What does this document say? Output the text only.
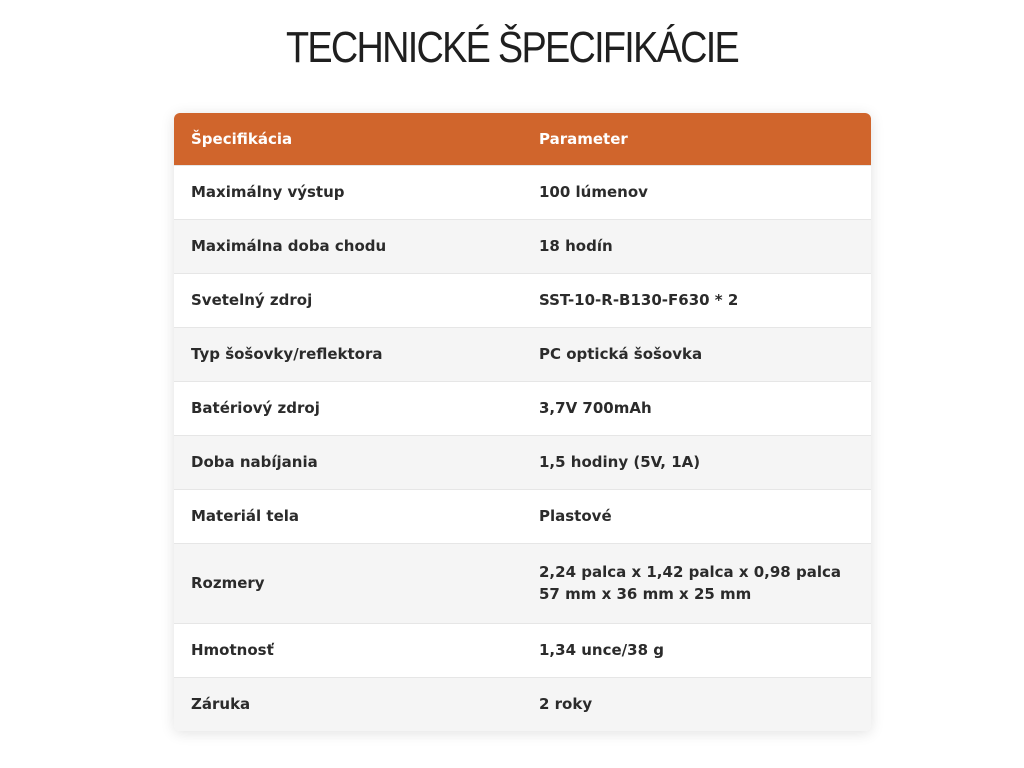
TECHNICKÉ ŠPECIFIKÁCIE
Špecifikácia	Parameter
Maximálny výstup	100 lúmenov

Maximálna doba chodu	18 hodín

Svetelný zdroj	SST-10-R-B130-F630 * 2

Typ šošovky/reflektora	PC optická šošovka

Batériový zdroj	3,7V 700mAh

Doba nabíjania	1,5 hodiny (5V, 1A)

Materiál tela	Plastové

Rozmery	2,24 palca x 1,42 palca x 0,98 palca
57 mm x 36 mm x 25 mm

Hmotnosť	1,34 unce/38 g

Záruka	2 roky
